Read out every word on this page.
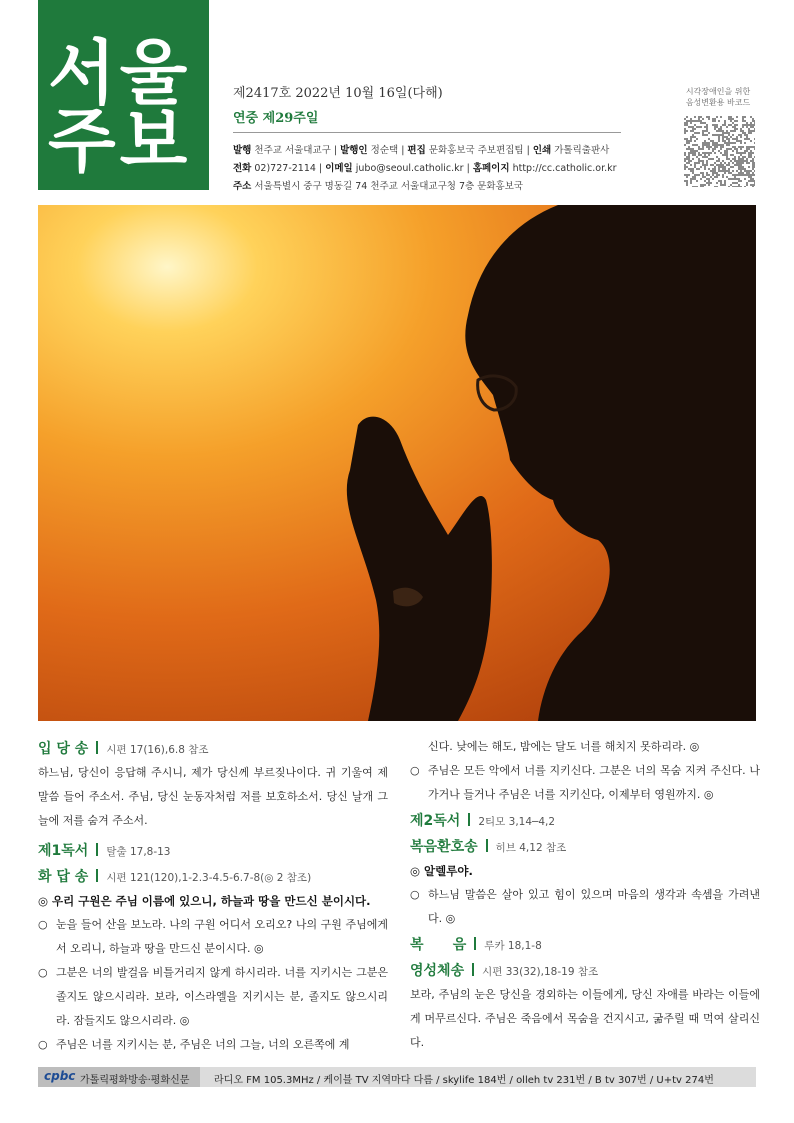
서울
주보
제2417호 2022년 10월 16일(다해)
연중 제29주일
발행 천주교 서울대교구 | 발행인 정순택 | 편집 문화홍보국 주보편집팀 | 인쇄 가톨릭출판사
전화 02)727-2114 | 이메일 jubo@seoul.catholic.kr | 홈페이지 http://cc.catholic.or.kr
주소 서울특별시 중구 명동길 74 천주교 서울대교구청 7층 문화홍보국
시각장애인을 위한
음성변환용 바코드
입 당 송 시편 17(16),6.8 참조
하느님, 당신이 응답해 주시니, 제가 당신께 부르짖나이다. 귀 기울여 제 말씀 들어 주소서. 주님, 당신 눈동자처럼 저를 보호하소서. 당신 날개 그늘에 저를 숨겨 주소서.
제1독서 탈출 17,8-13
화 답 송 시편 121(120),1-2.3-4.5-6.7-8(◎ 2 참조)
◎ 우리 구원은 주님 이름에 있으니, 하늘과 땅을 만드신 분이시다.
○ 눈을 들어 산을 보노라. 나의 구원 어디서 오리오? 나의 구원 주님에게서 오리니, 하늘과 땅을 만드신 분이시다. ◎
○ 그분은 너의 발걸음 비틀거리지 않게 하시리라. 너를 지키시는 그분은 졸지도 않으시리라. 보라, 이스라엘을 지키시는 분, 졸지도 않으시리라. 잠들지도 않으시리라. ◎
○ 주님은 너를 지키시는 분, 주님은 너의 그늘, 너의 오른쪽에 계
신다. 낮에는 해도, 밤에는 달도 너를 해치지 못하리라. ◎
○ 주님은 모든 악에서 너를 지키신다. 그분은 너의 목숨 지켜 주신다. 나가거나 들거나 주님은 너를 지키신다, 이제부터 영원까지. ◎
제2독서 2티모 3,14─4,2
복음환호송 히브 4,12 참조
◎ 알렐루야.
○ 하느님 말씀은 살아 있고 힘이 있으며 마음의 생각과 속셈을 가려낸다. ◎
복      음 루카 18,1-8
영성체송 시편 33(32),18-19 참조
보라, 주님의 눈은 당신을 경외하는 이들에게, 당신 자애를 바라는 이들에게 머무르신다. 주님은 죽음에서 목숨을 건지시고, 굶주릴 때 먹여 살리신다.
cpbc 가톨릭평화방송·평화신문 라디오 FM 105.3MHz / 케이블 TV 지역마다 다름 / skylife 184번 / olleh tv 231번 / B tv 307번 / U+tv 274번
